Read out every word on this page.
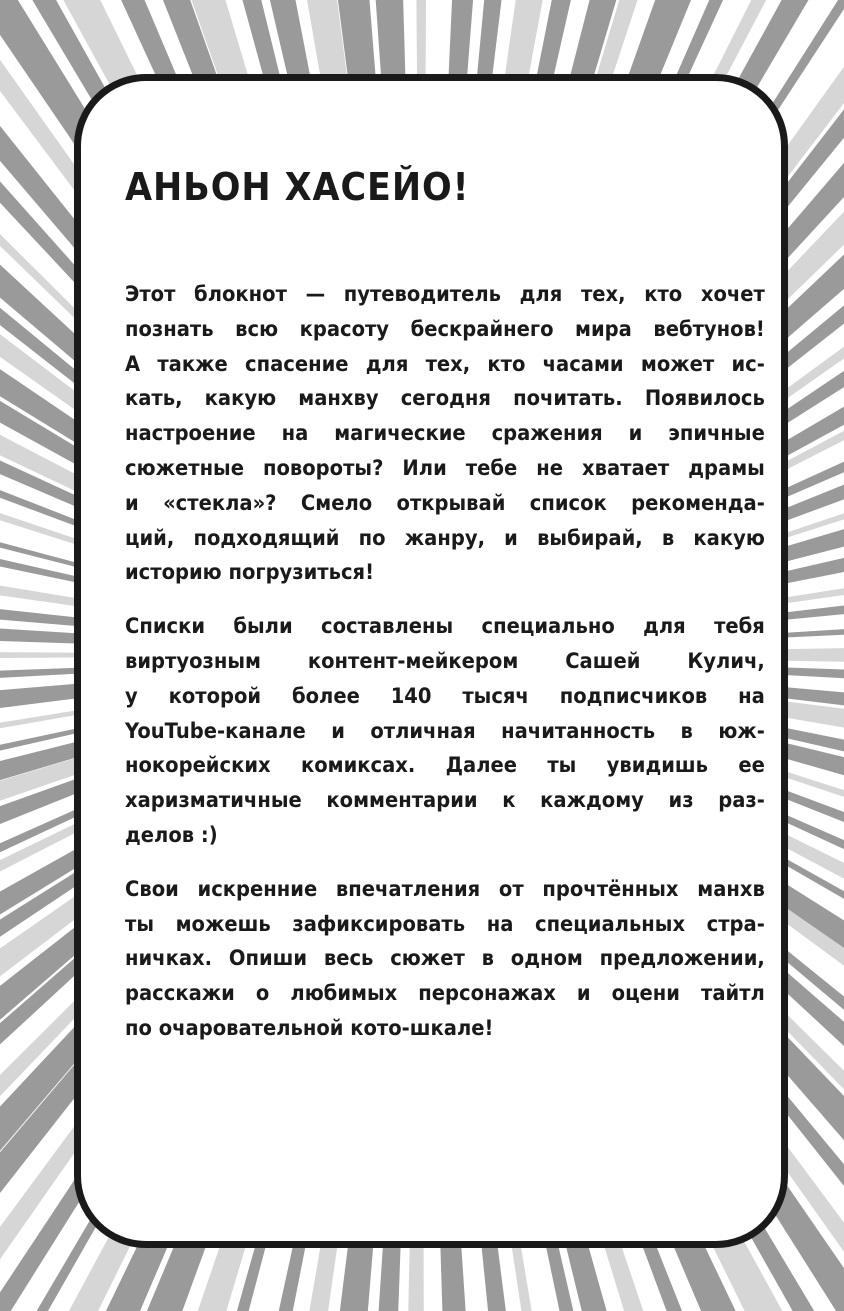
АНЬОН ХАСЕЙО!

Этот блокнот — путеводитель для тех, кто хочет
познать всю красоту бескрайнего мира вебтунов!
А также спасение для тех, кто часами может ис-
кать, какую манхву сегодня почитать. Появилось
настроение на магические сражения и эпичные
сюжетные повороты? Или тебе не хватает драмы
и «стекла»? Смело открывай список рекоменда-
ций, подходящий по жанру, и выбирай, в какую
историю погрузиться!

Списки были составлены специально для тебя
виртуозным контент-мейкером Сашей Кулич,
у которой более 140 тысяч подписчиков на
YouTube-канале и отличная начитанность в юж-
нокорейских комиксах. Далее ты увидишь ее
харизматичные комментарии к каждому из раз-
делов :)

Свои искренние впечатления от прочтённых манхв
ты можешь зафиксировать на специальных стра-
ничках. Опиши весь сюжет в одном предложении,
расскажи о любимых персонажах и оцени тайтл
по очаровательной кото-шкале!
